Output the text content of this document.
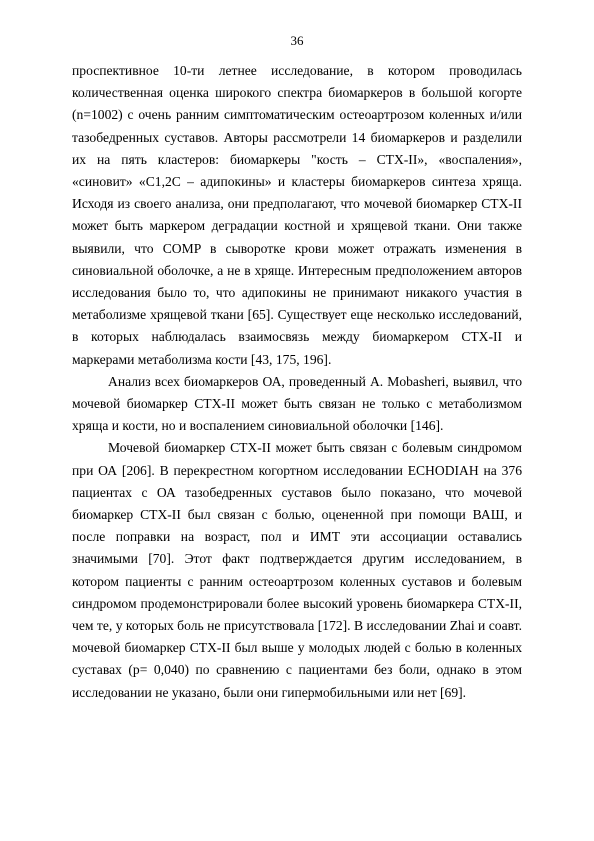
36

проспективное 10-ти летнее исследование, в котором проводилась количественная оценка широкого спектра биомаркеров в большой когорте (n=1002) с очень ранним симптоматическим остеоартрозом коленных и/или тазобедренных суставов. Авторы рассмотрели 14 биомаркеров и разделили их на пять кластеров: биомаркеры "кость – СТХ-II», «воспаления», «синовит» «С1,2С – адипокины» и кластеры биомаркеров синтеза хряща. Исходя из своего анализа, они предполагают, что мочевой биомаркер СТХ-II может быть маркером деградации костной и хрящевой ткани. Они также выявили, что COMP в сыворотке крови может отражать изменения в синовиальной оболочке, а не в хряще. Интересным предположением авторов исследования было то, что адипокины не принимают никакого участия в метаболизме хрящевой ткани [65]. Существует еще несколько исследований, в которых наблюдалась взаимосвязь между биомаркером СТХ-II и маркерами метаболизма кости [43, 175, 196].

Анализ всех биомаркеров ОА, проведенный A. Mobasheri, выявил, что мочевой биомаркер СТХ-II может быть связан не только с метаболизмом хряща и кости, но и воспалением синовиальной оболочки [146].

Мочевой биомаркер СТХ-II может быть связан с болевым синдромом при ОА [206]. В перекрестном когортном исследовании ECHODIAH на 376 пациентах с ОА тазобедренных суставов было показано, что мочевой биомаркер СТХ-II был связан с болью, оцененной при помощи ВАШ, и после поправки на возраст, пол и ИМТ эти ассоциации оставались значимыми [70]. Этот факт подтверждается другим исследованием, в котором пациенты с ранним остеоартрозом коленных суставов и болевым синдромом продемонстрировали более высокий уровень биомаркера СТХ-II, чем те, у которых боль не присутствовала [172]. В исследовании Zhai и соавт. мочевой биомаркер СТХ-II был выше у молодых людей с болью в коленных суставах (р= 0,040) по сравнению с пациентами без боли, однако в этом исследовании не указано, были они гипермобильными или нет [69].
